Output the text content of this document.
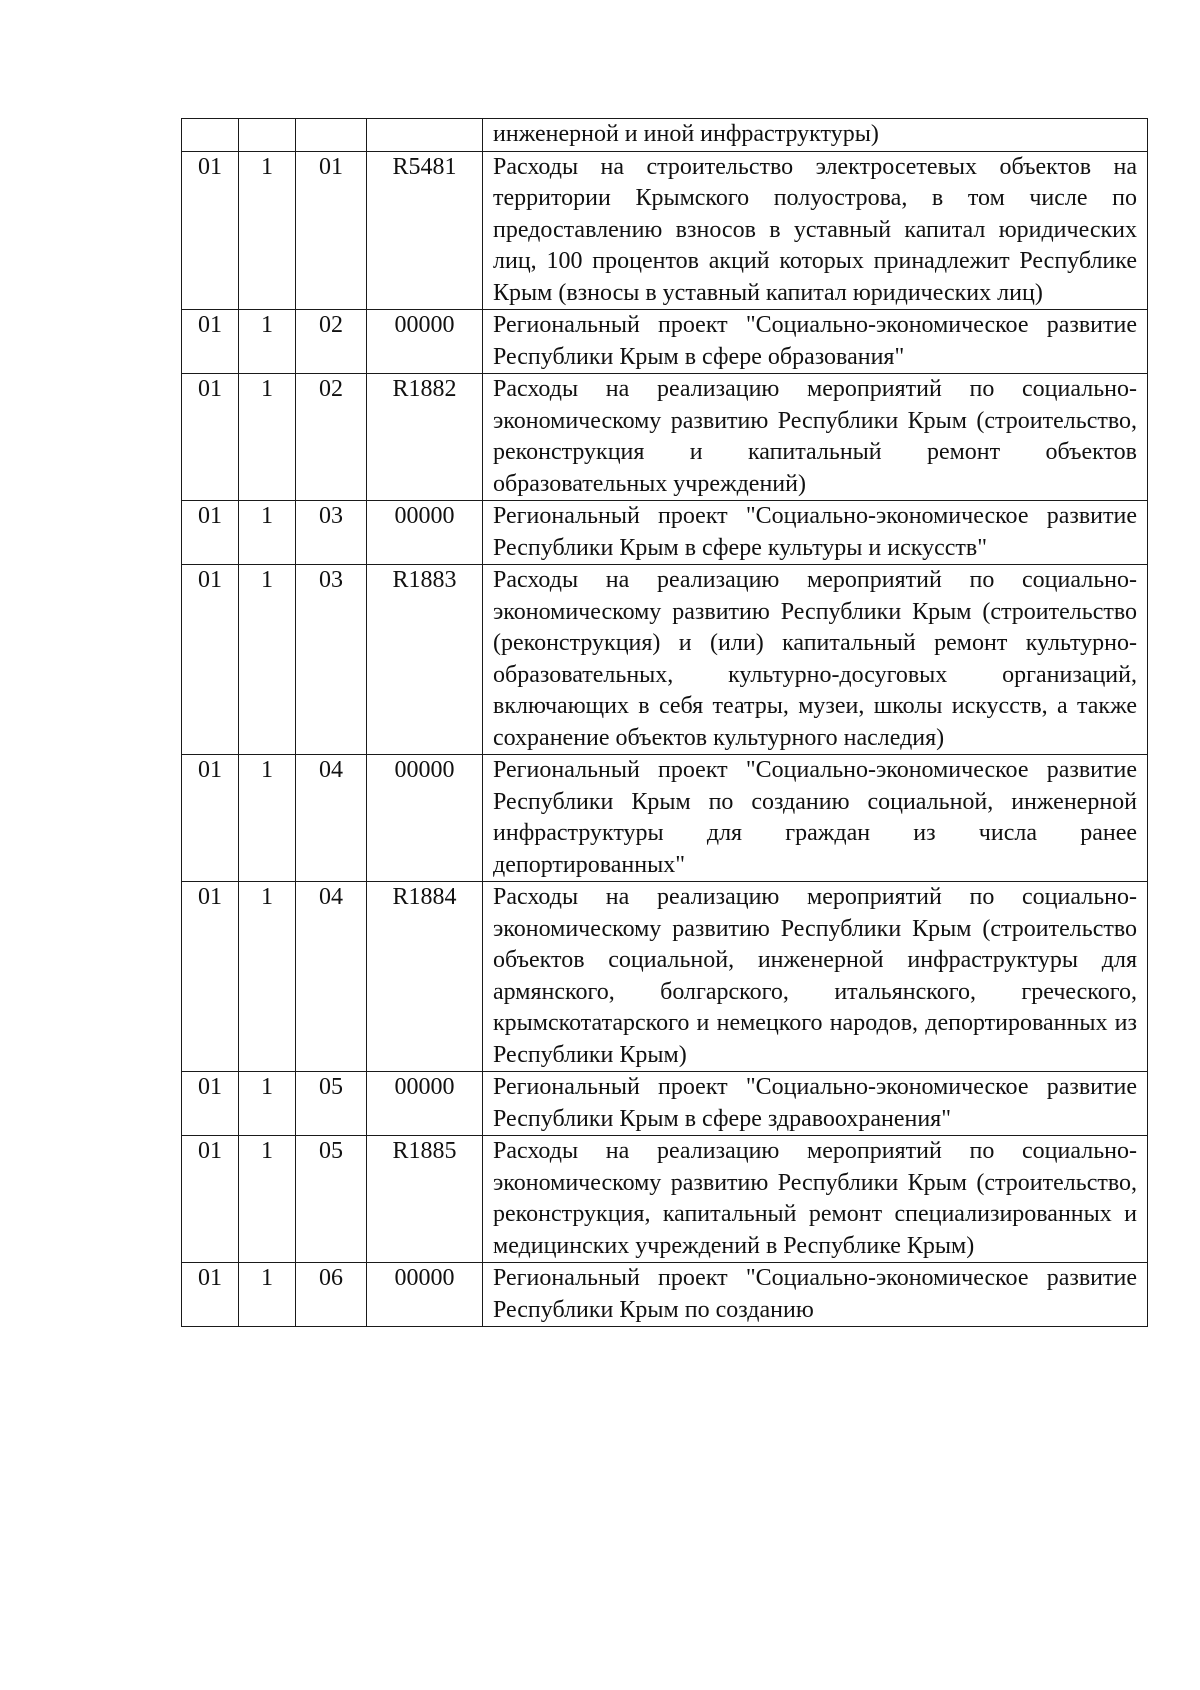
				инженерной и иной инфраструктуры)
01	1	01	R5481	Расходы на строительство электросетевых объектов на территории Крымского полуострова, в том числе по предоставлению взносов в уставный капитал юридических лиц, 100 процентов акций которых принадлежит Республике Крым (взносы в уставный капитал юридических лиц)
01	1	02	00000	Региональный проект "Социально-экономическое развитие Республики Крым в сфере образования"
01	1	02	R1882	Расходы на реализацию мероприятий по социально-экономическому развитию Республики Крым (строительство, реконструкция и капитальный ремонт объектов образовательных учреждений)
01	1	03	00000	Региональный проект "Социально-экономическое развитие Республики Крым в сфере культуры и искусств"
01	1	03	R1883	Расходы на реализацию мероприятий по социально-экономическому развитию Республики Крым (строительство (реконструкция) и (или) капитальный ремонт культурно-образовательных, культурно-досуговых организаций, включающих в себя театры, музеи, школы искусств, а также сохранение объектов культурного наследия)
01	1	04	00000	Региональный проект "Социально-экономическое развитие Республики Крым по созданию социальной, инженерной инфраструктуры для граждан из числа ранее депортированных"
01	1	04	R1884	Расходы на реализацию мероприятий по социально-экономическому развитию Республики Крым (строительство объектов социальной, инженерной инфраструктуры для армянского, болгарского, итальянского, греческого, крымскотатарского и немецкого народов, депортированных из Республики Крым)
01	1	05	00000	Региональный проект "Социально-экономическое развитие Республики Крым в сфере здравоохранения"
01	1	05	R1885	Расходы на реализацию мероприятий по социально-экономическому развитию Республики Крым (строительство, реконструкция, капитальный ремонт специализированных и медицинских учреждений в Республике Крым)
01	1	06	00000	Региональный проект "Социально-экономическое развитие Республики Крым по созданию
